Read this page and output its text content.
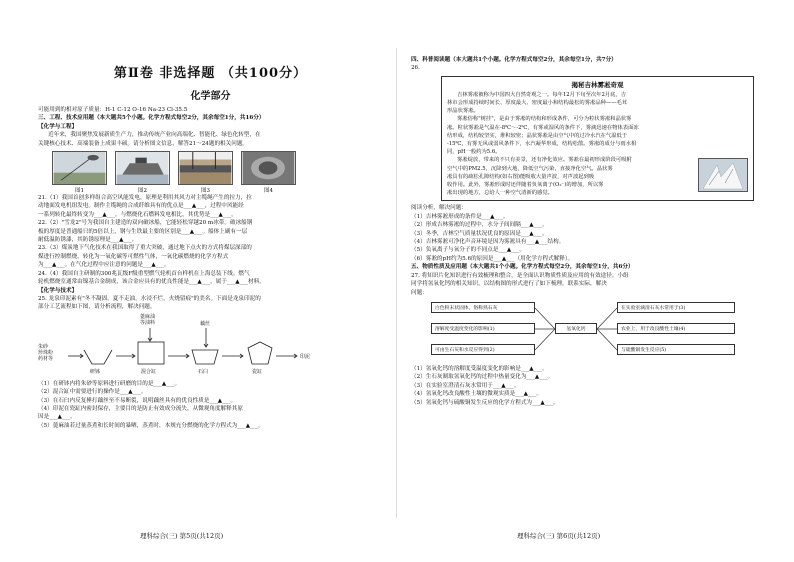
第Ⅱ卷 非选择题 （共100分）
化学部分
可能用到的相对原子质量：H-1 C-12 O-16 Na-23 Cl-35.5
三、工程、技术应用题（本大题共5个小题。化学方程式每空2分，其余每空1分，共16分）
【化学与工程】
近年来，我国聚焦发展新质生产力，推动传统产业向高端化、智能化、绿色化转型，在
关键核心技术、高端装备上成果丰硕。请分析图文信息，解答21～24题的相关问题。
图1	图2	图3	图4
21.（1）我国首创多样组合高空风能发电，原理是利用其风力对主缆绳产生的拉力，拉
动地面发电机组发电。制作主缆绳的合成纤维具有的优点是___▲___，过程中风能经
一系列转化最终转变为___▲___，与燃烧化石燃料发电相比，其优势是___▲___。
22.（2）"雪龙2"号为我国自主建造的双向破冰船，它能轻松穿越20 m冰带。破冰船钢
板的厚度是普通船只的5倍以上，钢与生铁最主要的区别是___▲___。船体上刷有一层
耐低温防锈漆，其防锈原理是___▲___。
23.（3）煤炭地下气化技术在我国取得了重大突破，通过地下点火的方式将煤层深部的
煤进行控制燃烧，转化为一氧化碳等可燃性气体，一氧化碳燃烧的化学方程式
为___▲___。在气化过程中应注意的问题是___▲___。
24.（4）我国自主研制的300兆瓦级F级重型燃气轮机首台样机在上海总装下线。燃气
轮机燃烧室通常由镍基合金制成，该合金应具有的优良性能是___▲___，属于___▲___材料。
【化学与技术】
25. 龙泉印泥素有"冬不凝固，夏不走油，水浸不烂，火烧留痕"的美名。下面是龙泉印泥的
部分工艺流程如下图，请分析流程，解决问题。
朱砂
珍珠粉
药材等
研钵
蓖麻油
等油料
混合缸
藕丝
石臼	瓷缸
印泥
（1）在研钵内将朱砂等原料进行研磨的目的是___▲___。
（2）混合缸中需要进行的操作是___▲___。
（3）在石臼内反复捶打藕丝至不易断裂，说明藕丝具有的优良性质是___▲___。
（4）印泥在瓷缸内密封保存，主要目的是防止有效成分流失，从微观角度解释其原
因是___▲___。
（5）蓖麻油若过量蒸煮和长时间的暴晒，蒸煮时，本规充分燃烧的化学方程式为___▲___。
理科综合(三) 第5页(共12页)
四、科普阅读题（本大题共1个小题。化学方程式每空2分，其余每空1分，共7分）
26.
揭秘吉林雾凇奇观
吉林雾凇被称为中国四大自然奇观之一。每年12月下旬至次年2月底，吉
林市会形成持续时间长、厚度最大、密度最小和结构最松的雾凇品种——毛茸
形晶状雾凇。
雾凇俗称"树挂"，是由于雾凇的结构和形成条件，可分为粒状雾凇和晶状雾
凇。粒状雾凇是气温在-8℃～-2℃，有雾或湿风的条件下，雾滴迅速在物体表面冻
结形成，结构较坚实，堆积较密；晶状雾凇是由空气中的过冷水汽在气温低于
-15℃，有雾无风或弱风条件下，水汽凝华形成，结构松散。雾凇的成分与雨水相
同，pH一般约为5.6。
雾凇绽放，带来的不只有美景，还有净化效应。雾凇在最初形成阶段可吸附
空气中的PM2.5，沉降到大地，降低空气污染，直接净化空气。晶状雾
凇具有的疏松孔隙结构(如右图)能吸收大量声波，对声波起到吸
收作用。此外，雾凇形成时还伴随着负氧离子(O₂⁻)的增加，所以雾
凇出现的地方，总给人一种空气清新的感觉。
阅读分析，解决问题：
（1）吉林雾凇形成的条件是___▲___。
（2）形成吉林雾凇的过程中，水分子间间隔___▲___。
（3）冬季，吉林空气质量状况优良的原因是___▲___。
（4）吉林雾凇可净化声音环境是因为雾凇具有___▲___结构。
（5）负氧离子与氧分子的不同点是___▲___。
（6）雾凇的pH约为5.6的原因是___▲___（用化学方程式解释）。
五、物质性质及应用题（本大题共1个小题。化学方程式每空2分，其余每空1分，共6分）
27. 将知识片化知识进行有效梳理和整合，是全面认识物质性质及应用的有效途径。小组
同学将氢氧化钙的相关知识，以结构图的形式进行了如下梳理。联系实际，解决
问题：
白色粉末状固体，俗称熟石灰
溶解度受温度变化的影响(1)
可由生石灰和水反应得到(2)
氢氧化钙
在实验室滴清石灰水常用于(3)
农业上，用于改良酸性土壤(4)
与硫酸铜发生反应(5)
（1）氢氧化钙的溶解度受温度变化的影响是___▲___。
（2）生石灰制取氢氧化钙的过程中热量变化为___▲___。
（3）在实验室澄清石灰水常用于___▲___。
（4）氢氧化钙改良酸性土壤的微观实质是___▲___。
（5）氢氧化钙与硫酸铜发生反应的化学方程式为___▲___。
理科综合(三) 第6页(共12页)
